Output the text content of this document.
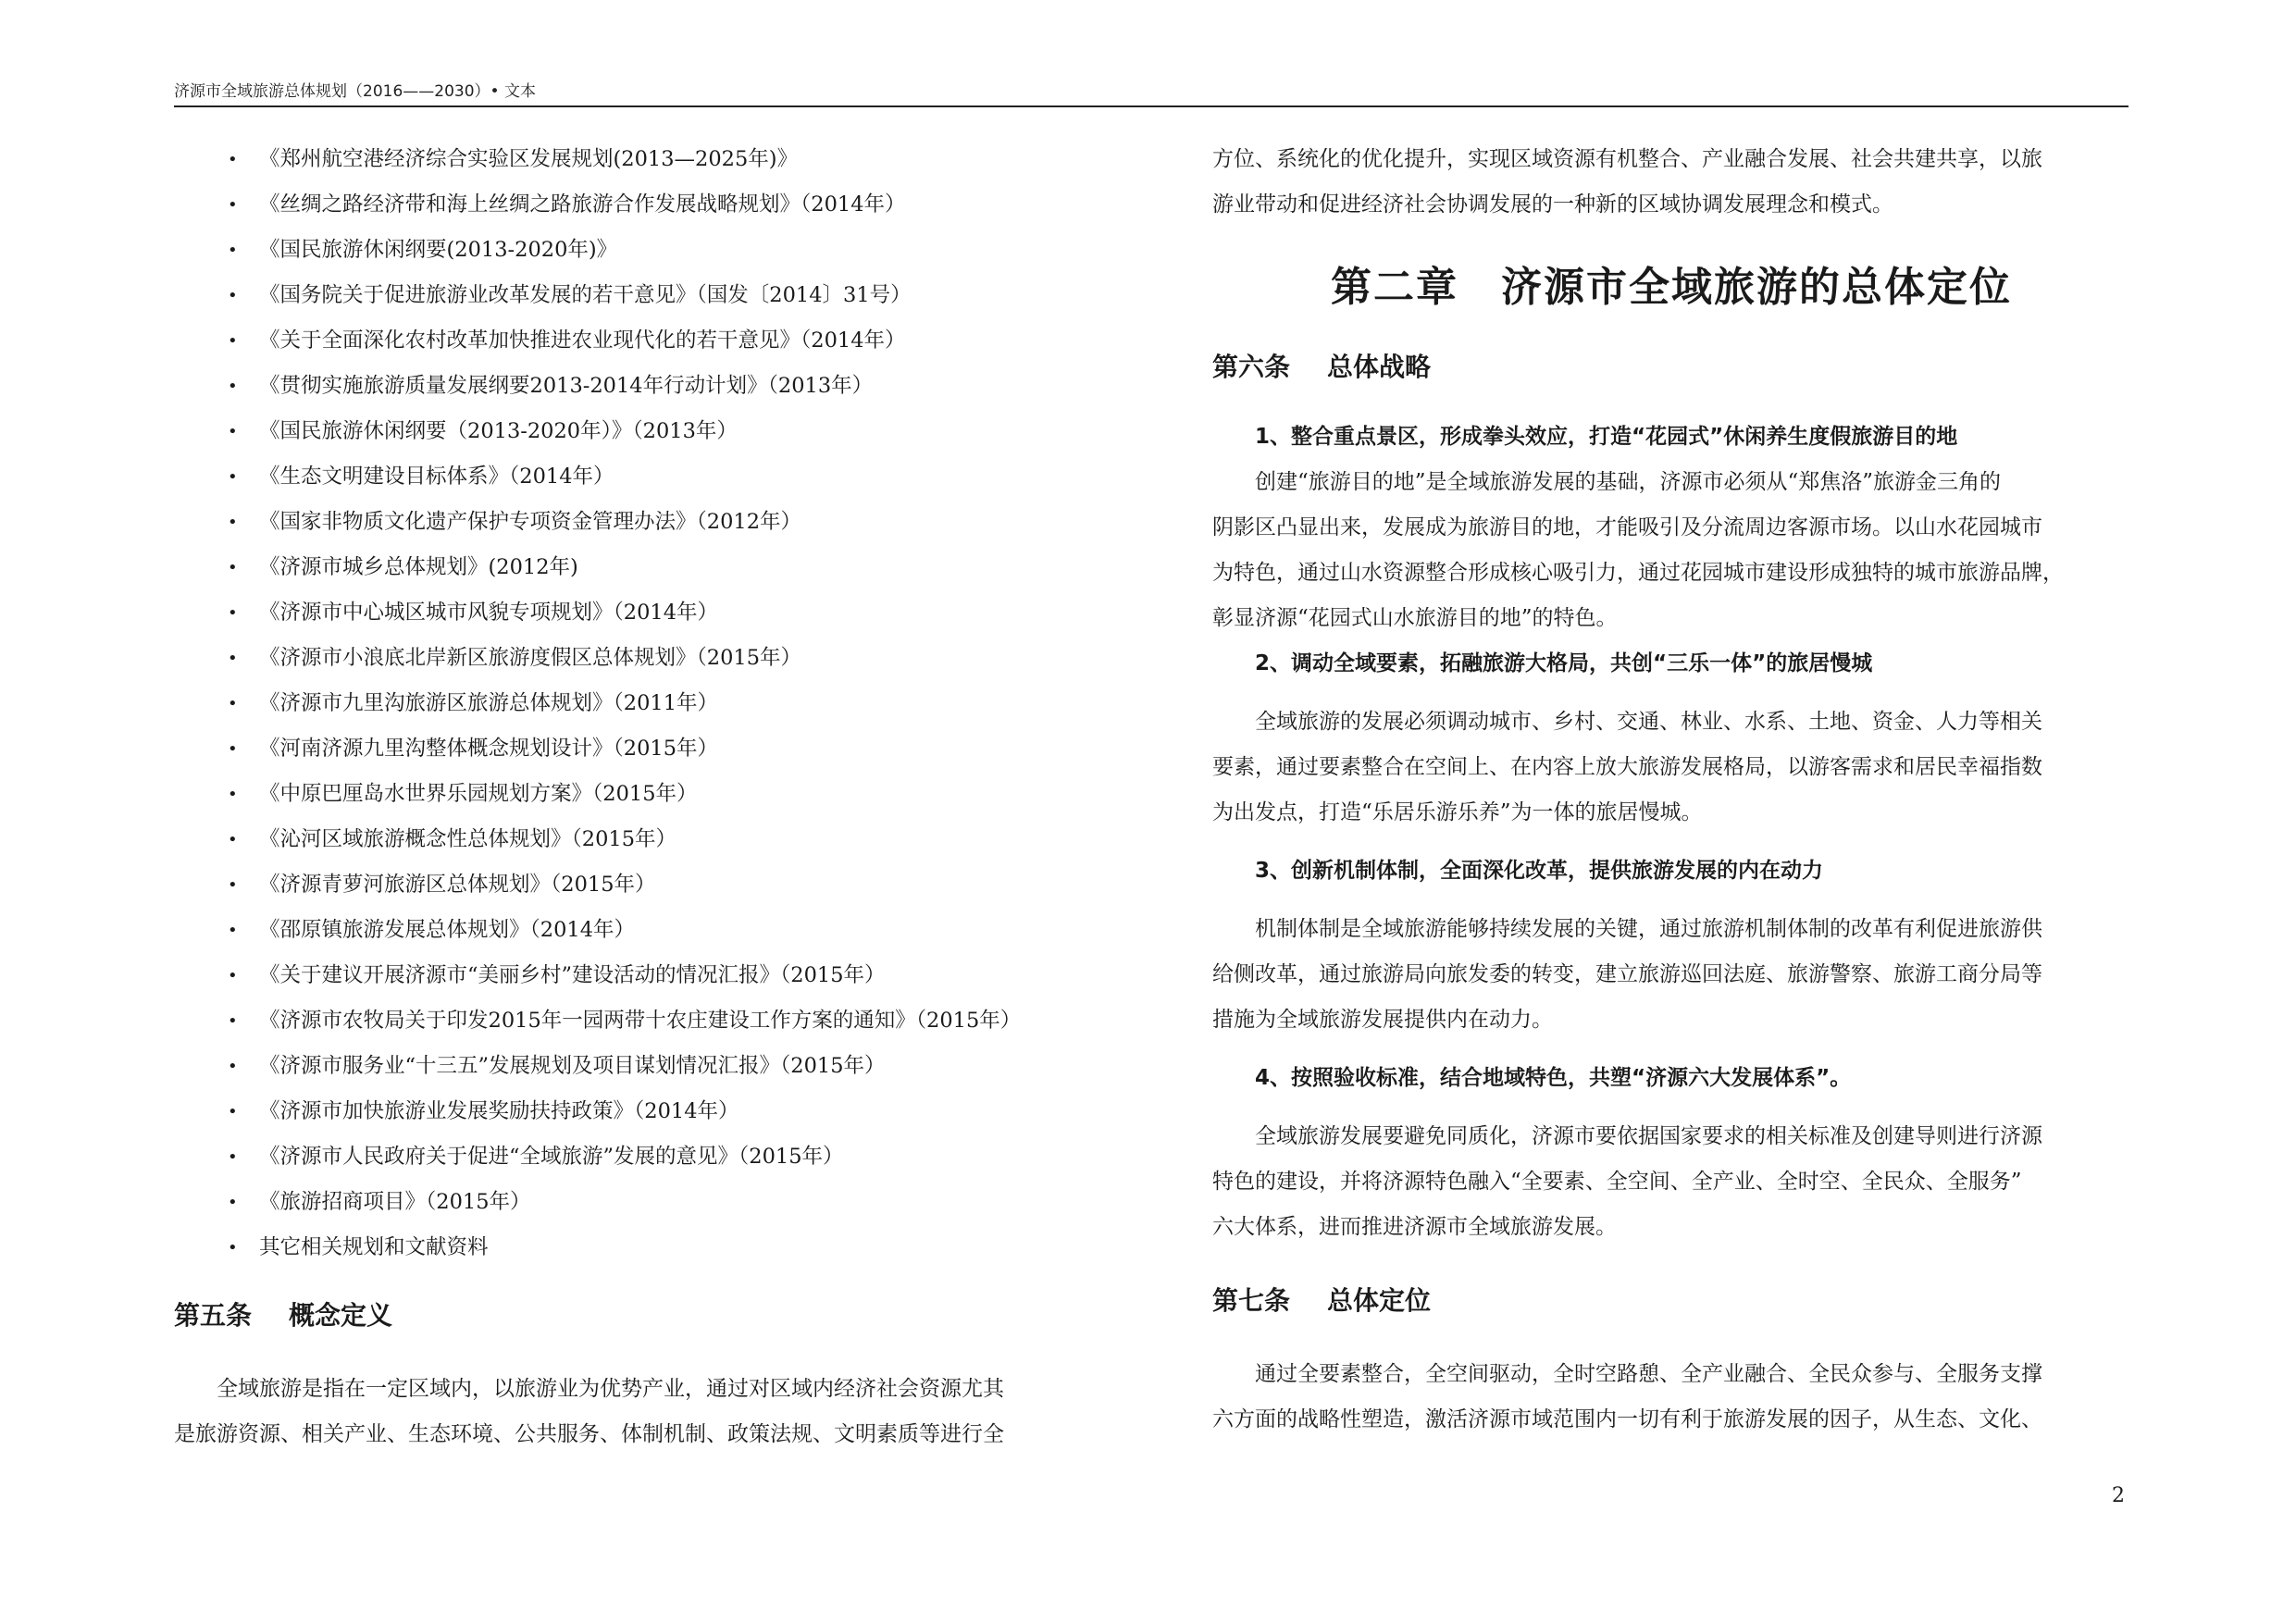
济源市全域旅游总体规划（2016——2030）• 文本
• 《郑州航空港经济综合实验区发展规划(2013—2025年)》
• 《丝绸之路经济带和海上丝绸之路旅游合作发展战略规划》（2014年）
• 《国民旅游休闲纲要(2013-2020年)》
• 《国务院关于促进旅游业改革发展的若干意见》（国发〔2014〕31号）
• 《关于全面深化农村改革加快推进农业现代化的若干意见》（2014年）
• 《贯彻实施旅游质量发展纲要2013-2014年行动计划》（2013年）
• 《国民旅游休闲纲要（2013-2020年）》（2013年）
• 《生态文明建设目标体系》（2014年）
• 《国家非物质文化遗产保护专项资金管理办法》（2012年）
• 《济源市城乡总体规划》(2012年)
• 《济源市中心城区城市风貌专项规划》（2014年）
• 《济源市小浪底北岸新区旅游度假区总体规划》（2015年）
• 《济源市九里沟旅游区旅游总体规划》（2011年）
• 《河南济源九里沟整体概念规划设计》（2015年）
• 《中原巴厘岛水世界乐园规划方案》（2015年）
• 《沁河区域旅游概念性总体规划》（2015年）
• 《济源青萝河旅游区总体规划》（2015年）
• 《邵原镇旅游发展总体规划》（2014年）
• 《关于建议开展济源市“美丽乡村”建设活动的情况汇报》（2015年）
• 《济源市农牧局关于印发2015年一园两带十农庄建设工作方案的通知》（2015年）
• 《济源市服务业“十三五”发展规划及项目谋划情况汇报》（2015年）
• 《济源市加快旅游业发展奖励扶持政策》（2014年）
• 《济源市人民政府关于促进“全域旅游”发展的意见》（2015年）
• 《旅游招商项目》（2015年）
• 其它相关规划和文献资料
第五条 概念定义

全域旅游是指在一定区域内，以旅游业为优势产业，通过对区域内经济社会资源尤其

是旅游资源、相关产业、生态环境、公共服务、体制机制、政策法规、文明素质等进行全

方位、系统化的优化提升，实现区域资源有机整合、产业融合发展、社会共建共享，以旅

游业带动和促进经济社会协调发展的一种新的区域协调发展理念和模式。

第二章　济源市全域旅游的总体定位
第六条 总体战略
1、整合重点景区，形成拳头效应，打造“花园式”休闲养生度假旅游目的地

创建“旅游目的地”是全域旅游发展的基础，济源市必须从“郑焦洛”旅游金三角的

阴影区凸显出来，发展成为旅游目的地，才能吸引及分流周边客源市场。以山水花园城市

为特色，通过山水资源整合形成核心吸引力，通过花园城市建设形成独特的城市旅游品牌，

彰显济源“花园式山水旅游目的地”的特色。

2、调动全域要素，拓融旅游大格局，共创“三乐一体”的旅居慢城

全域旅游的发展必须调动城市、乡村、交通、林业、水系、土地、资金、人力等相关

要素，通过要素整合在空间上、在内容上放大旅游发展格局，以游客需求和居民幸福指数

为出发点，打造“乐居乐游乐养”为一体的旅居慢城。

3、创新机制体制，全面深化改革，提供旅游发展的内在动力

机制体制是全域旅游能够持续发展的关键，通过旅游机制体制的改革有利促进旅游供

给侧改革，通过旅游局向旅发委的转变，建立旅游巡回法庭、旅游警察、旅游工商分局等

措施为全域旅游发展提供内在动力。

4、按照验收标准，结合地域特色，共塑“济源六大发展体系”。

全域旅游发展要避免同质化，济源市要依据国家要求的相关标准及创建导则进行济源

特色的建设，并将济源特色融入“全要素、全空间、全产业、全时空、全民众、全服务”

六大体系，进而推进济源市全域旅游发展。

第七条 总体定位

通过全要素整合，全空间驱动，全时空路憩、全产业融合、全民众参与、全服务支撑

六方面的战略性塑造，激活济源市域范围内一切有利于旅游发展的因子，从生态、文化、

2
